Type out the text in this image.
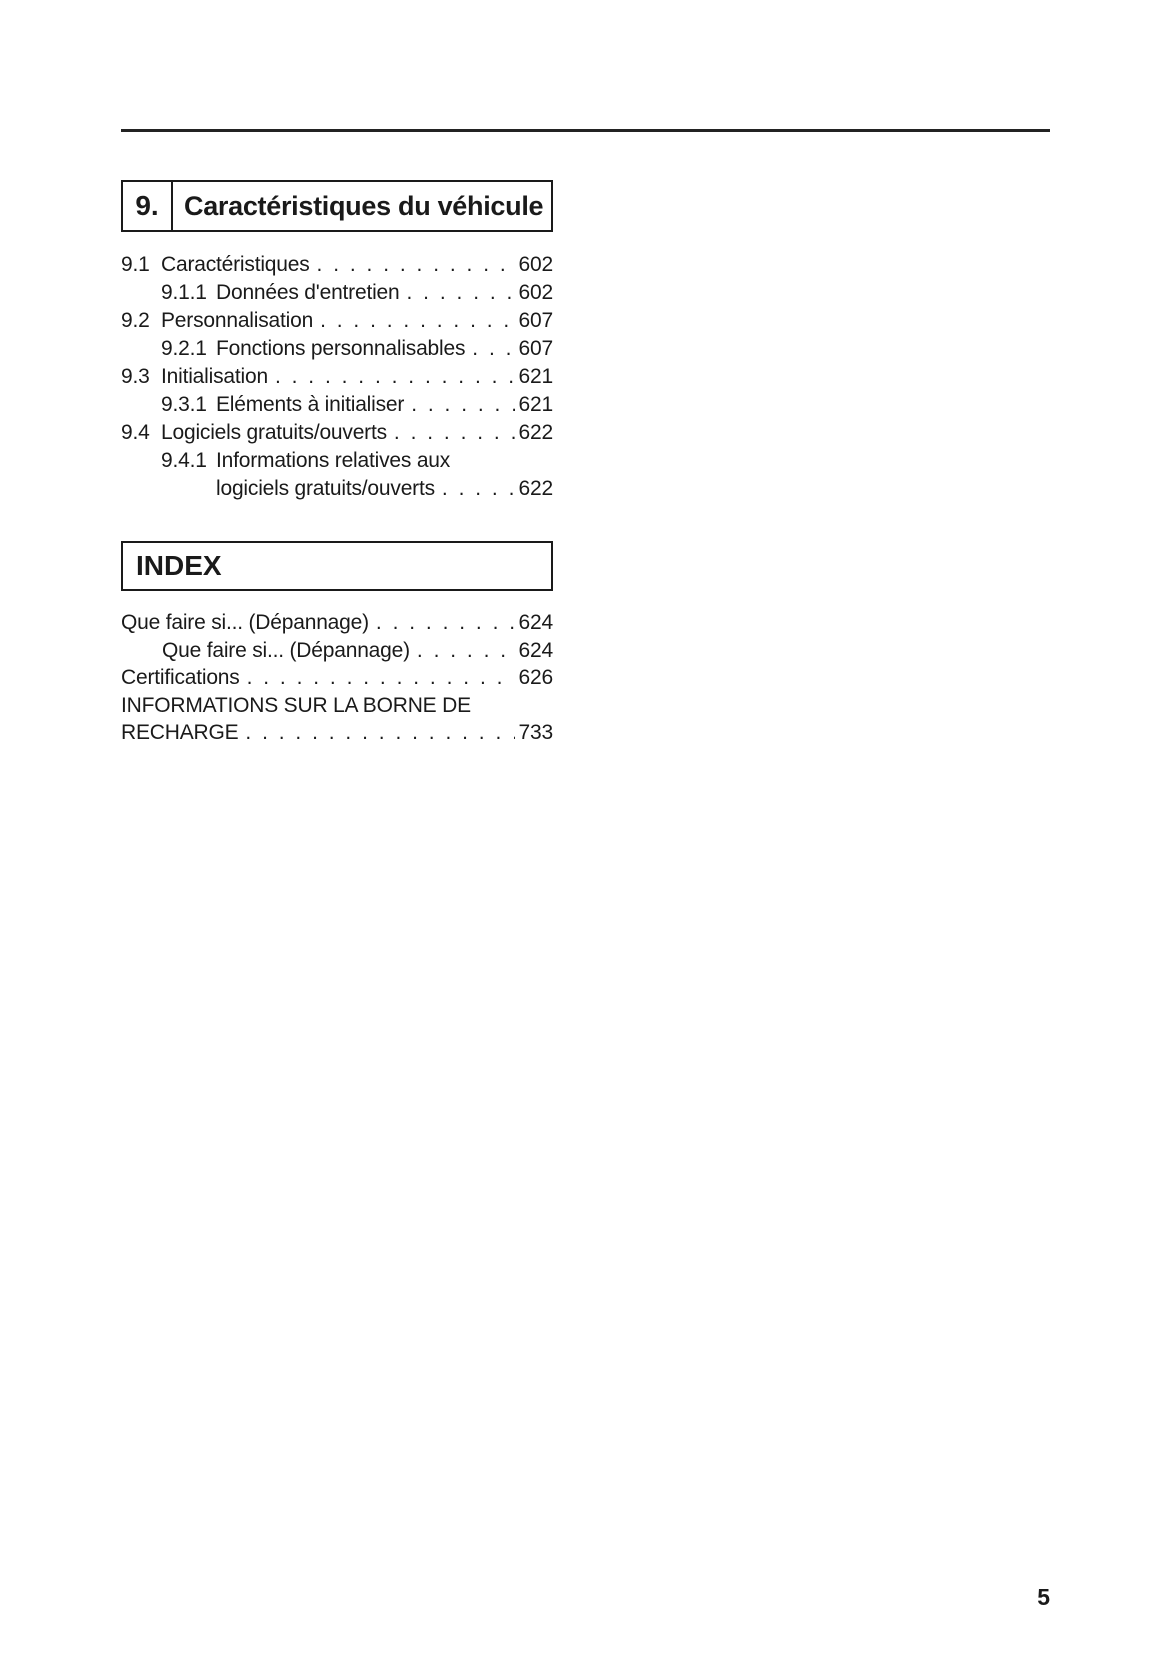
9. Caractéristiques du véhicule
9.1 Caractéristiques . . .	602
9.1.1 Données d'entretien . . .	602
9.2 Personnalisation . . .	607
9.2.1 Fonctions personnalisables . . .	607
9.3 Initialisation . . .	621
9.3.1 Eléments à initialiser . . .	621
9.4 Logiciels gratuits/ouverts . . .	622
9.4.1 Informations relatives aux
logiciels gratuits/ouverts . . .	622
INDEX
Que faire si... (Dépannage) . . .	624
Que faire si... (Dépannage) . . .	624
Certifications . . .	626
INFORMATIONS SUR LA BORNE DE
RECHARGE . . .	733
5
